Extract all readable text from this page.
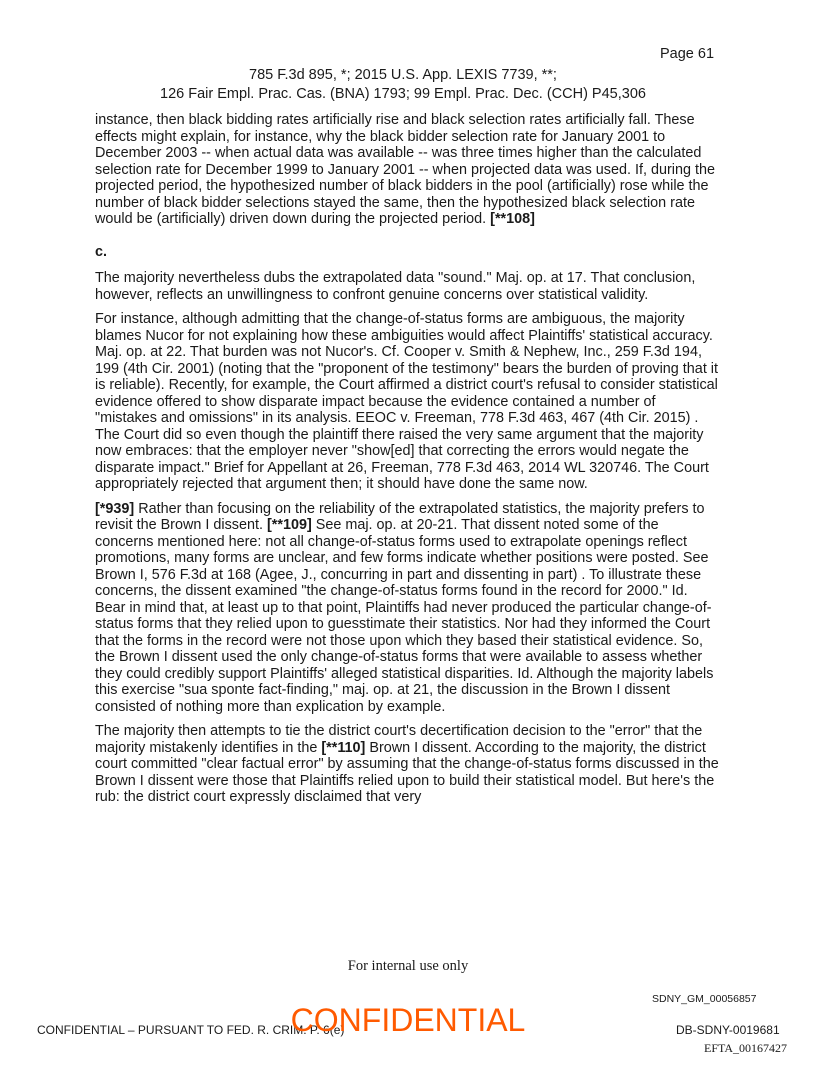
Page 61
785 F.3d 895, *; 2015 U.S. App. LEXIS 7739, **;
126 Fair Empl. Prac. Cas. (BNA) 1793; 99 Empl. Prac. Dec. (CCH) P45,306

instance, then black bidding rates artificially rise and black selection rates artificially fall. These effects might explain, for instance, why the black bidder selection rate for January 2001 to December 2003 -- when actual data was available -- was three times higher than the calculated selection rate for December 1999 to January 2001 -- when projected data was used. If, during the projected period, the hypothesized number of black bidders in the pool (artificially) rose while the number of black bidder selections stayed the same, then the hypothesized black selection rate would be (artificially) driven down during the projected period. [**108]

c.

The majority nevertheless dubs the extrapolated data "sound." Maj. op. at 17. That conclusion, however, reflects an unwillingness to confront genuine concerns over statistical validity.

For instance, although admitting that the change-of-status forms are ambiguous, the majority blames Nucor for not explaining how these ambiguities would affect Plaintiffs' statistical accuracy. Maj. op. at 22. That burden was not Nucor's. Cf. Cooper v. Smith & Nephew, Inc., 259 F.3d 194, 199 (4th Cir. 2001) (noting that the "proponent of the testimony" bears the burden of proving that it is reliable). Recently, for example, the Court affirmed a district court's refusal to consider statistical evidence offered to show disparate impact because the evidence contained a number of "mistakes and omissions" in its analysis. EEOC v. Freeman, 778 F.3d 463, 467 (4th Cir. 2015) . The Court did so even though the plaintiff there raised the very same argument that the majority now embraces: that the employer never "show[ed] that correcting the errors would negate the disparate impact." Brief for Appellant at 26, Freeman, 778 F.3d 463, 2014 WL 320746. The Court appropriately rejected that argument then; it should have done the same now.

[*939] Rather than focusing on the reliability of the extrapolated statistics, the majority prefers to revisit the Brown I dissent. [**109] See maj. op. at 20-21. That dissent noted some of the concerns mentioned here: not all change-of-status forms used to extrapolate openings reflect promotions, many forms are unclear, and few forms indicate whether positions were posted. See Brown I, 576 F.3d at 168 (Agee, J., concurring in part and dissenting in part) . To illustrate these concerns, the dissent examined "the change-of-status forms found in the record for 2000." Id. Bear in mind that, at least up to that point, Plaintiffs had never produced the particular change-of-status forms that they relied upon to guesstimate their statistics. Nor had they informed the Court that the forms in the record were not those upon which they based their statistical evidence. So, the Brown I dissent used the only change-of-status forms that were available to assess whether they could credibly support Plaintiffs' alleged statistical disparities. Id. Although the majority labels this exercise "sua sponte fact-finding," maj. op. at 21, the discussion in the Brown I dissent consisted of nothing more than explication by example.

The majority then attempts to tie the district court's decertification decision to the "error" that the majority mistakenly identifies in the [**110] Brown I dissent. According to the majority, the district court committed "clear factual error" by assuming that the change-of-status forms discussed in the Brown I dissent were those that Plaintiffs relied upon to build their statistical model. But here's the rub: the district court expressly disclaimed that very

For internal use only
SDNY_GM_00056857
CONFIDENTIAL – PURSUANT TO FED. R. CRIM. P. 6(e)
CONFIDENTIAL	DB-SDNY-0019681
EFTA_00167427
